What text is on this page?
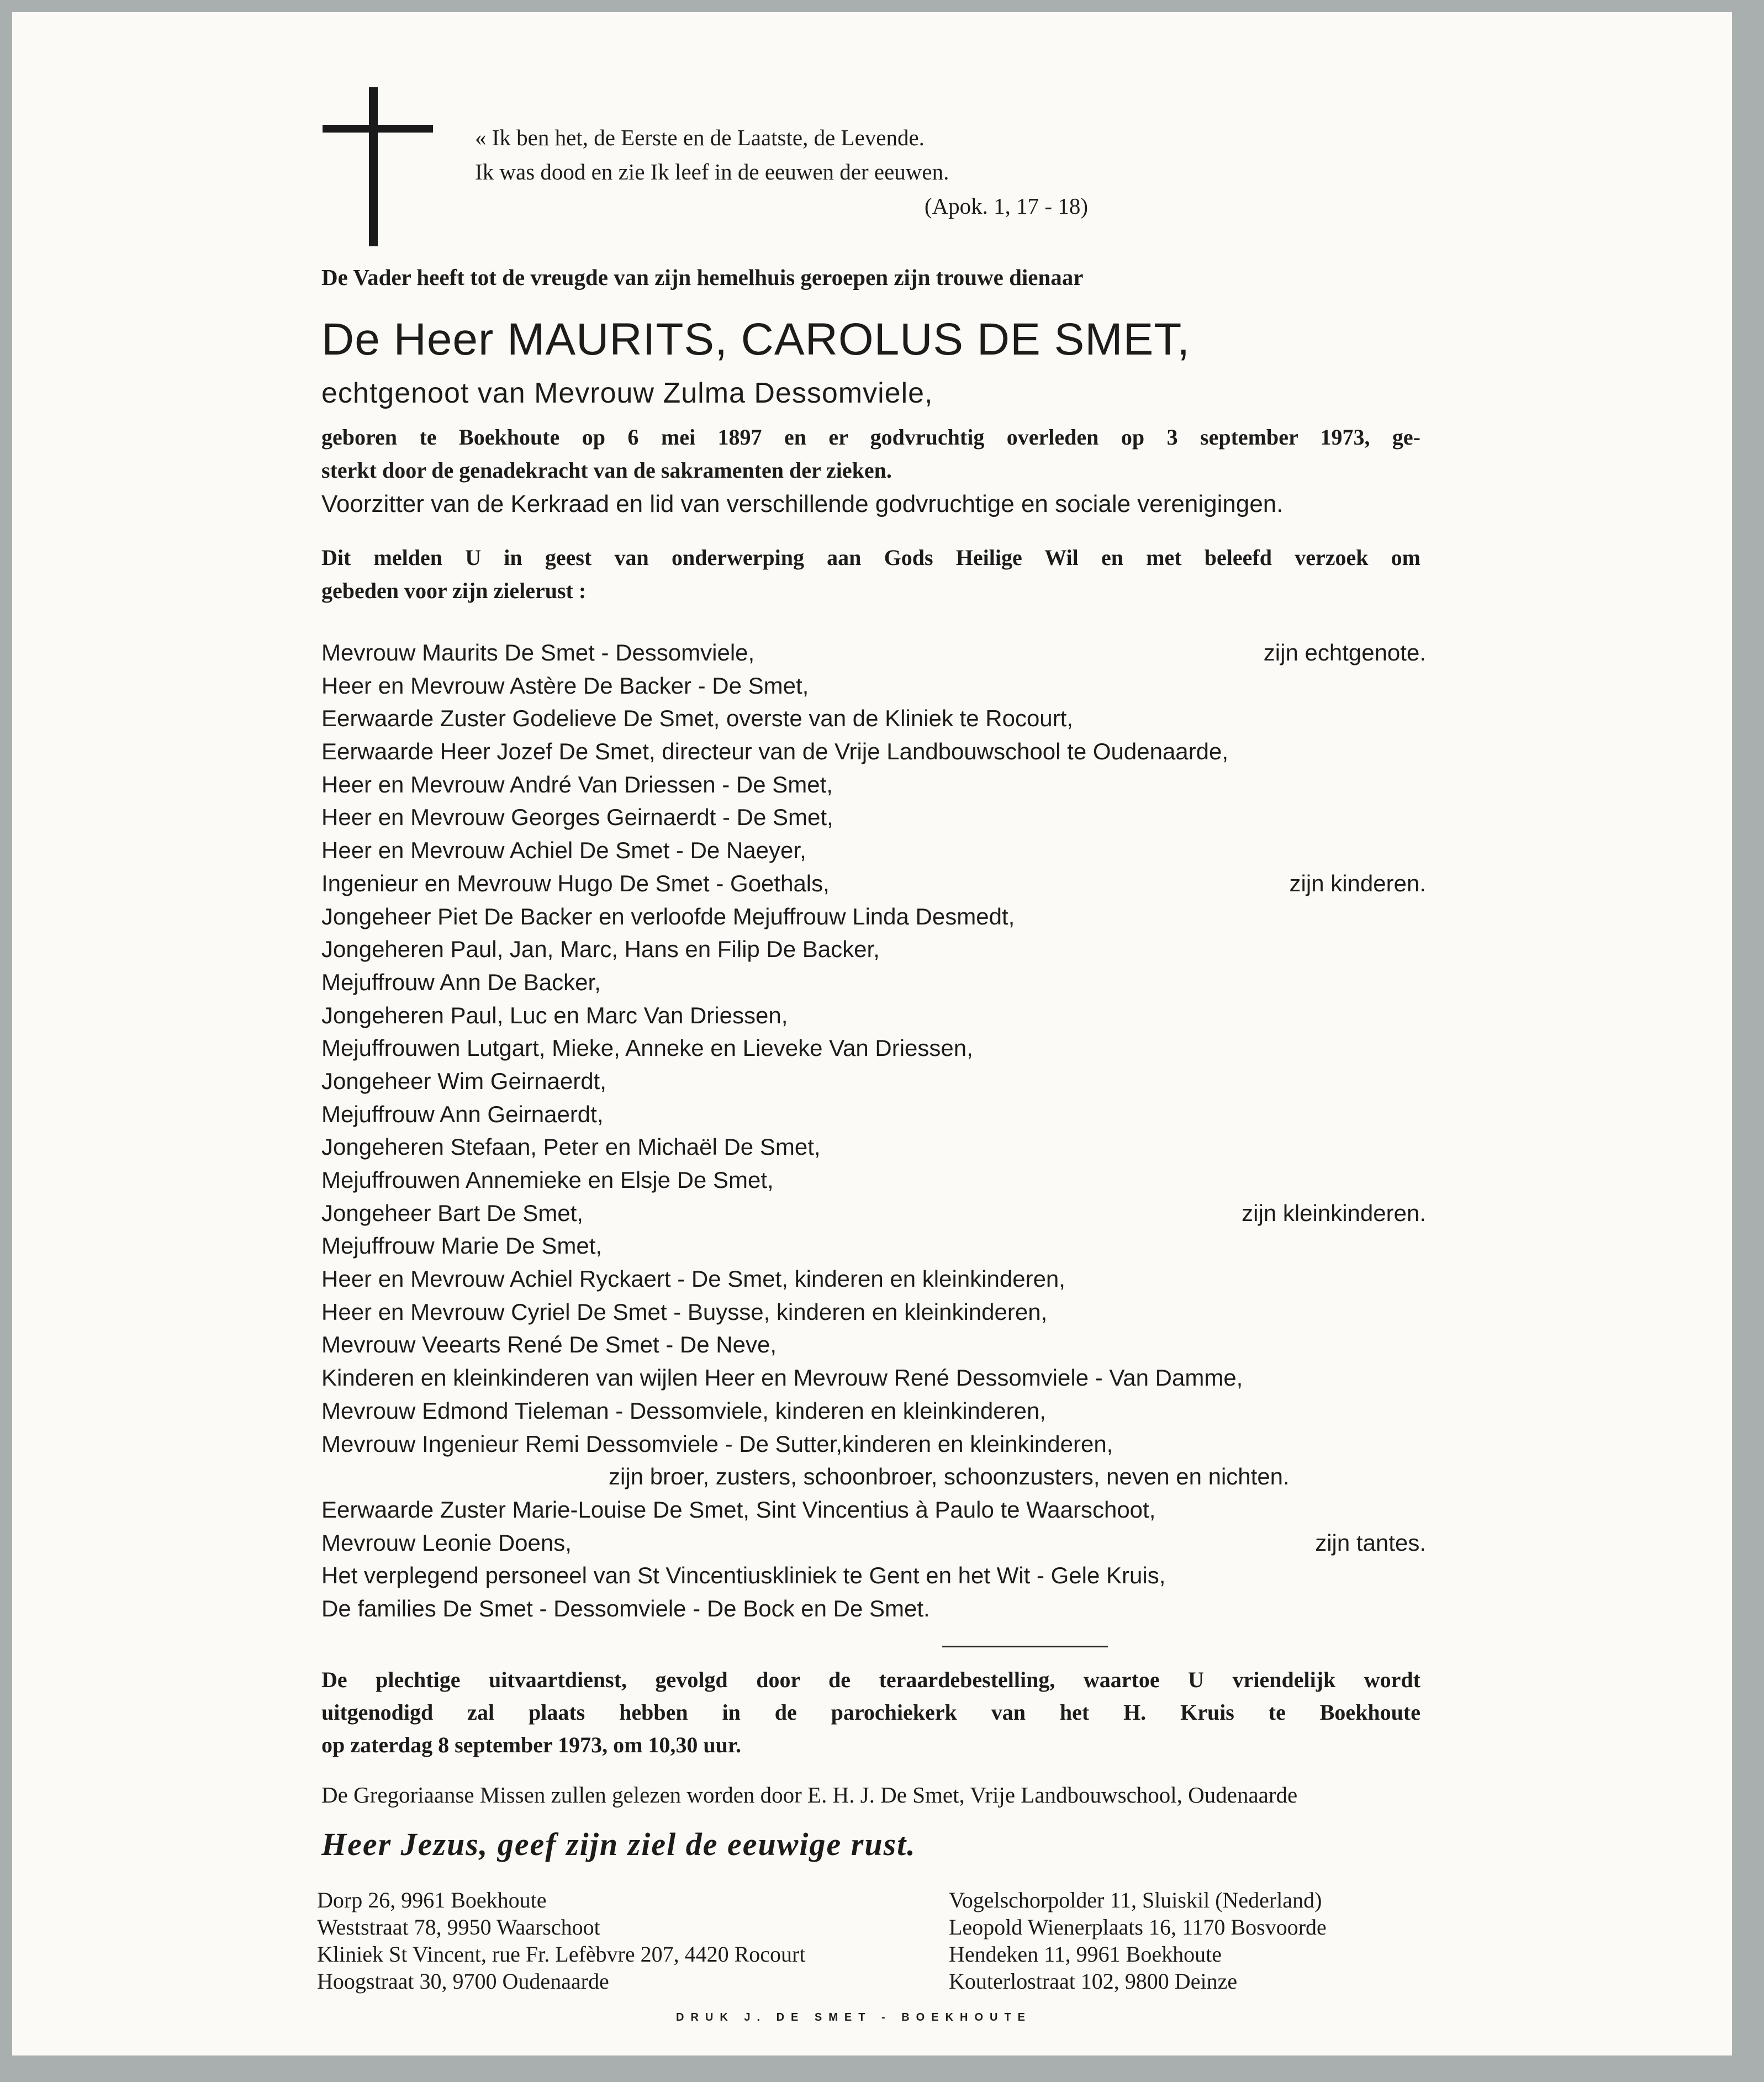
« Ik ben het, de Eerste en de Laatste, de Levende.
Ik was dood en zie Ik leef in de eeuwen der eeuwen.
(Apok. 1, 17 - 18)
De Vader heeft tot de vreugde van zijn hemelhuis geroepen zijn trouwe dienaar
De Heer MAURITS, CAROLUS DE SMET,
echtgenoot van Mevrouw Zulma Dessomviele,
geboren te Boekhoute op 6 mei 1897 en er godvruchtig overleden op 3 september 1973, ge-
sterkt door de genadekracht van de sakramenten der zieken.
Voorzitter van de Kerkraad en lid van verschillende godvruchtige en sociale verenigingen.
Dit melden U in geest van onderwerping aan Gods Heilige Wil en met beleefd verzoek om
gebeden voor zijn zielerust :
Mevrouw Maurits De Smet - Dessomviele,	zijn echtgenote.
Heer en Mevrouw Astère De Backer - De Smet,
Eerwaarde Zuster Godelieve De Smet, overste van de Kliniek te Rocourt,
Eerwaarde Heer Jozef De Smet, directeur van de Vrije Landbouwschool te Oudenaarde,
Heer en Mevrouw André Van Driessen - De Smet,
Heer en Mevrouw Georges Geirnaerdt - De Smet,
Heer en Mevrouw Achiel De Smet - De Naeyer,
Ingenieur en Mevrouw Hugo De Smet - Goethals,	zijn kinderen.
Jongeheer Piet De Backer en verloofde Mejuffrouw Linda Desmedt,
Jongeheren Paul, Jan, Marc, Hans en Filip De Backer,
Mejuffrouw Ann De Backer,
Jongeheren Paul, Luc en Marc Van Driessen,
Mejuffrouwen Lutgart, Mieke, Anneke en Lieveke Van Driessen,
Jongeheer Wim Geirnaerdt,
Mejuffrouw Ann Geirnaerdt,
Jongeheren Stefaan, Peter en Michaël De Smet,
Mejuffrouwen Annemieke en Elsje De Smet,
Jongeheer Bart De Smet,	zijn kleinkinderen.
Mejuffrouw Marie De Smet,
Heer en Mevrouw Achiel Ryckaert - De Smet, kinderen en kleinkinderen,
Heer en Mevrouw Cyriel De Smet - Buysse, kinderen en kleinkinderen,
Mevrouw Veearts René De Smet - De Neve,
Kinderen en kleinkinderen van wijlen Heer en Mevrouw René Dessomviele - Van Damme,
Mevrouw Edmond Tieleman - Dessomviele, kinderen en kleinkinderen,
Mevrouw Ingenieur Remi Dessomviele - De Sutter,kinderen en kleinkinderen,
zijn broer, zusters, schoonbroer, schoonzusters, neven en nichten.
Eerwaarde Zuster Marie-Louise De Smet, Sint Vincentius à Paulo te Waarschoot,
Mevrouw Leonie Doens,	zijn tantes.
Het verplegend personeel van St Vincentiuskliniek te Gent en het Wit - Gele Kruis,
De families De Smet - Dessomviele - De Bock en De Smet.
De plechtige uitvaartdienst, gevolgd door de teraardebestelling, waartoe U vriendelijk wordt
uitgenodigd zal plaats hebben in de parochiekerk van het H. Kruis te Boekhoute
op zaterdag 8 september 1973, om 10,30 uur.
De Gregoriaanse Missen zullen gelezen worden door E. H. J. De Smet, Vrije Landbouwschool, Oudenaarde
Heer Jezus, geef zijn ziel de eeuwige rust.
Dorp 26, 9961 Boekhoute
Weststraat 78, 9950 Waarschoot
Kliniek St Vincent, rue Fr. Lefèbvre 207, 4420 Rocourt
Hoogstraat 30, 9700 Oudenaarde
Vogelschorpolder 11, Sluiskil (Nederland)
Leopold Wienerplaats 16, 1170 Bosvoorde
Hendeken 11, 9961 Boekhoute
Kouterlostraat 102, 9800 Deinze
DRUK J. DE SMET - BOEKHOUTE
